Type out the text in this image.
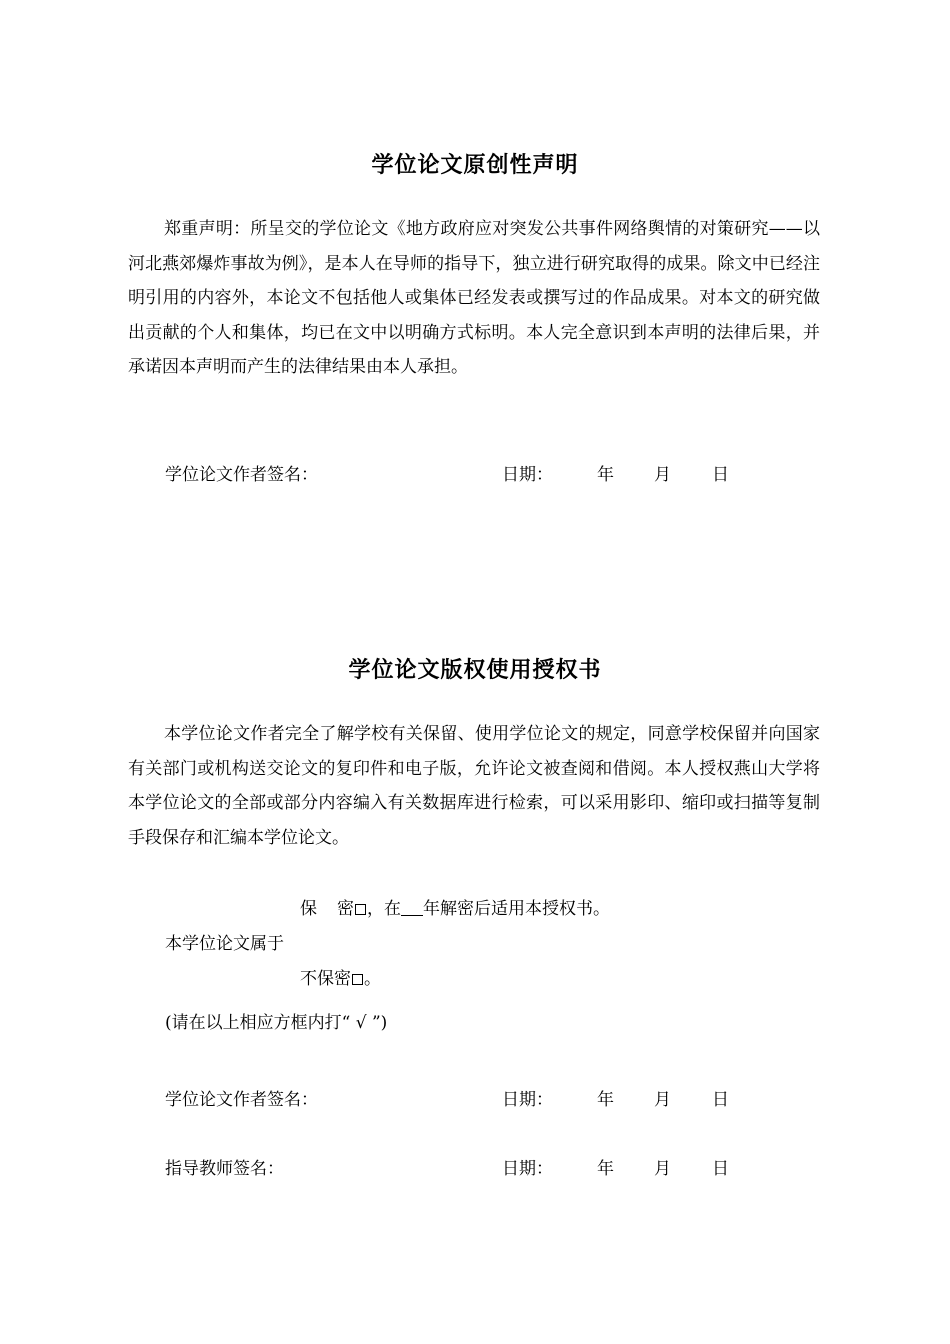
学位论文原创性声明
郑重声明：所呈交的学位论文《地方政府应对突发公共事件网络舆情的对策研究——以河北燕郊爆炸事故为例》，是本人在导师的指导下，独立进行研究取得的成果。除文中已经注明引用的内容外，本论文不包括他人或集体已经发表或撰写过的作品成果。对本文的研究做出贡献的个人和集体，均已在文中以明确方式标明。本人完全意识到本声明的法律后果，并承诺因本声明而产生的法律结果由本人承担。
学位论文作者签名：	日期：	年 月 日
学位论文版权使用授权书
本学位论文作者完全了解学校有关保留、使用学位论文的规定，同意学校保留并向国家有关部门或机构送交论文的复印件和电子版，允许论文被查阅和借阅。本人授权燕山大学将本学位论文的全部或部分内容编入有关数据库进行检索，可以采用影印、缩印或扫描等复制手段保存和汇编本学位论文。
保 密 ，在 年解密后适用本授权书。
本学位论文属于
不保密 。
(请在以上相应方框内打“ √ ”)
学位论文作者签名：	日期：	年 月 日
指导教师签名：	日期：	年 月 日
